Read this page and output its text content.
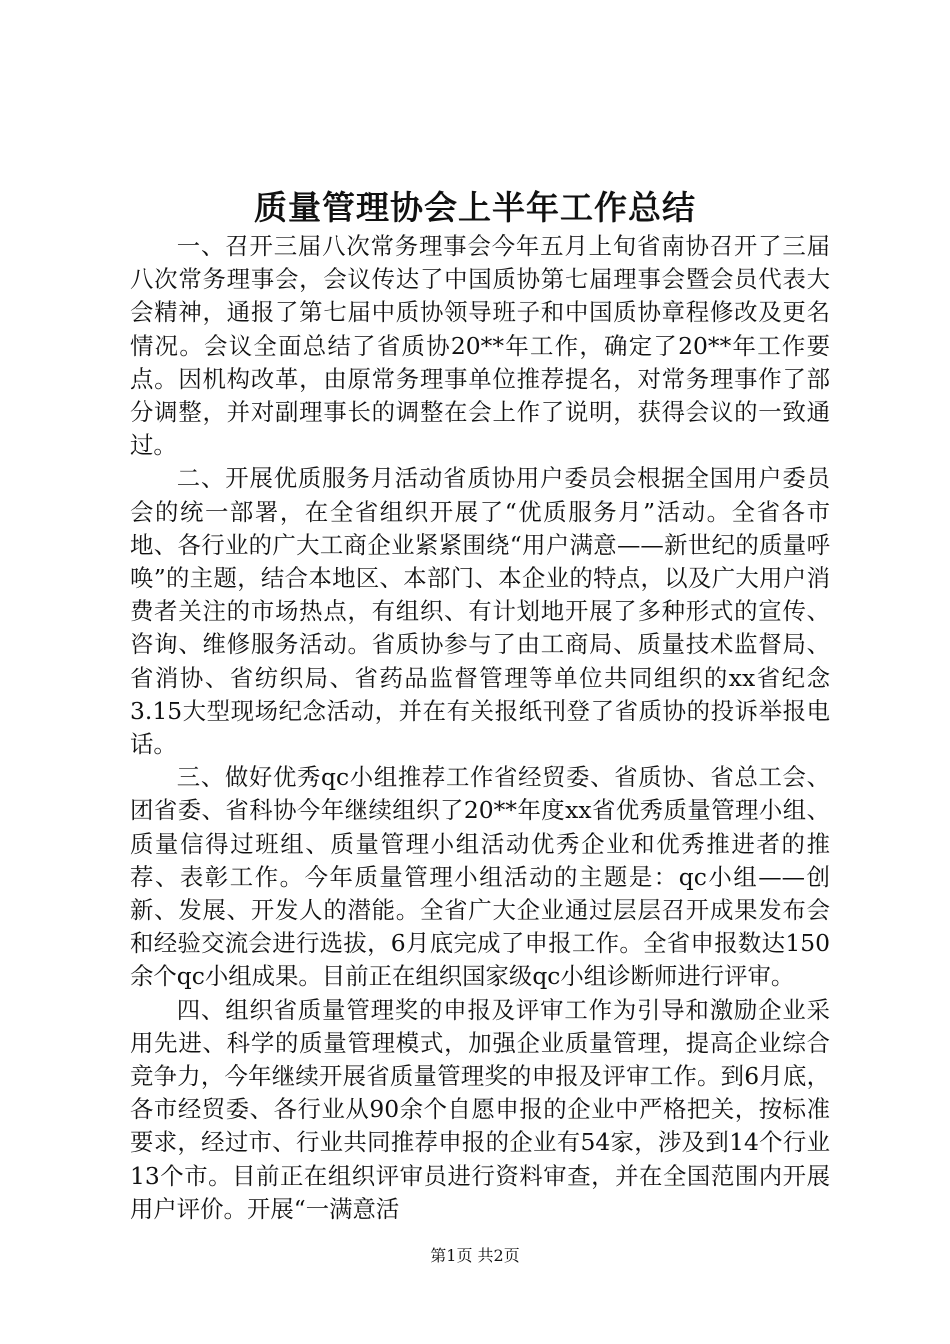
质量管理协会上半年工作总结

一、召开三届八次常务理事会今年五月上旬省南协召开了三届八次常务理事会，会议传达了中国质协第七届理事会暨会员代表大会精神，通报了第七届中质协领导班子和中国质协章程修改及更名情况。会议全面总结了省质协20**年工作，确定了20**年工作要点。因机构改革，由原常务理事单位推荐提名，对常务理事作了部分调整，并对副理事长的调整在会上作了说明，获得会议的一致通过。

二、开展优质服务月活动省质协用户委员会根据全国用户委员会的统一部署，在全省组织开展了“优质服务月”活动。全省各市地、各行业的广大工商企业紧紧围绕“用户满意——新世纪的质量呼唤”的主题，结合本地区、本部门、本企业的特点，以及广大用户消费者关注的市场热点，有组织、有计划地开展了多种形式的宣传、咨询、维修服务活动。省质协参与了由工商局、质量技术监督局、省消协、省纺织局、省药品监督管理等单位共同组织的xx省纪念3.15大型现场纪念活动，并在有关报纸刊登了省质协的投诉举报电话。

三、做好优秀qc小组推荐工作省经贸委、省质协、省总工会、团省委、省科协今年继续组织了20**年度xx省优秀质量管理小组、质量信得过班组、质量管理小组活动优秀企业和优秀推进者的推荐、表彰工作。今年质量管理小组活动的主题是：qc小组——创新、发展、开发人的潜能。全省广大企业通过层层召开成果发布会和经验交流会进行选拔，6月底完成了申报工作。全省申报数达150余个qc小组成果。目前正在组织国家级qc小组诊断师进行评审。

四、组织省质量管理奖的申报及评审工作为引导和激励企业采用先进、科学的质量管理模式，加强企业质量管理，提高企业综合竞争力，今年继续开展省质量管理奖的申报及评审工作。到6月底，各市经贸委、各行业从90余个自愿申报的企业中严格把关，按标准要求，经过市、行业共同推荐申报的企业有54家，涉及到14个行业13个市。目前正在组织评审员进行资料审查，并在全国范围内开展用户评价。开展“一满意活

第1页 共2页
